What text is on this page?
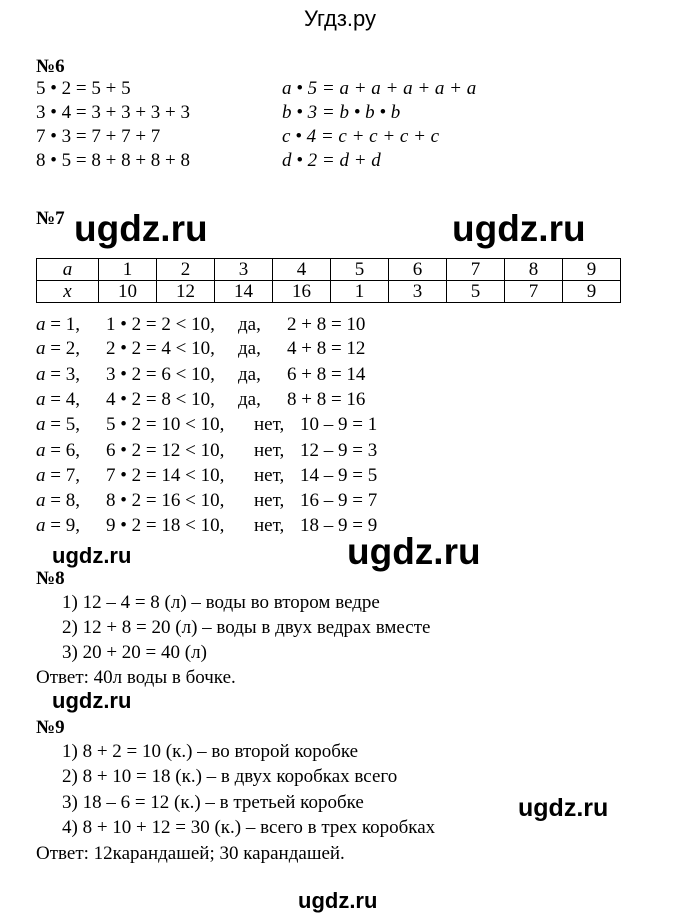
Угдз.ру
№6
5 • 2 = 5 + 5
3 • 4 = 3 + 3 + 3 + 3
7 • 3 = 7 + 7 + 7
8 • 5 = 8 + 8 + 8 + 8
a • 5 = a + a + a + a + a
b • 3 = b • b • b
c • 4 = c + c + c + c
d • 2 = d + d
№7 ugdz.ru	ugdz.ru
a	1	2	3	4	5	6	7	8	9
x	10	12	14	16	1	3	5	7	9
a = 1, 1 • 2 = 2 < 10, да, 2 + 8 = 10
a = 2, 2 • 2 = 4 < 10, да, 4 + 8 = 12
a = 3, 3 • 2 = 6 < 10, да, 6 + 8 = 14
a = 4, 4 • 2 = 8 < 10, да, 8 + 8 = 16
a = 5, 5 • 2 = 10 < 10, нет, 10 – 9 = 1
a = 6, 6 • 2 = 12 < 10, нет, 12 – 9 = 3
a = 7, 7 • 2 = 14 < 10, нет, 14 – 9 = 5
a = 8, 8 • 2 = 16 < 10, нет, 16 – 9 = 7
a = 9, 9 • 2 = 18 < 10, нет, 18 – 9 = 9
ugdz.ru	ugdz.ru
№8
1) 12 – 4 = 8 (л) – воды во втором ведре
2) 12 + 8 = 20 (л) – воды в двух ведрах вместе
3) 20 + 20 = 40 (л)
Ответ: 40л воды в бочке.
ugdz.ru
№9
1) 8 + 2 = 10 (к.) – во второй коробке
2) 8 + 10 = 18 (к.) – в двух коробках всего
3) 18 – 6 = 12 (к.) – в третьей коробке
4) 8 + 10 + 12 = 30 (к.) – всего в трех коробках
Ответ: 12карандашей; 30 карандашей.
ugdz.ru
ugdz.ru
